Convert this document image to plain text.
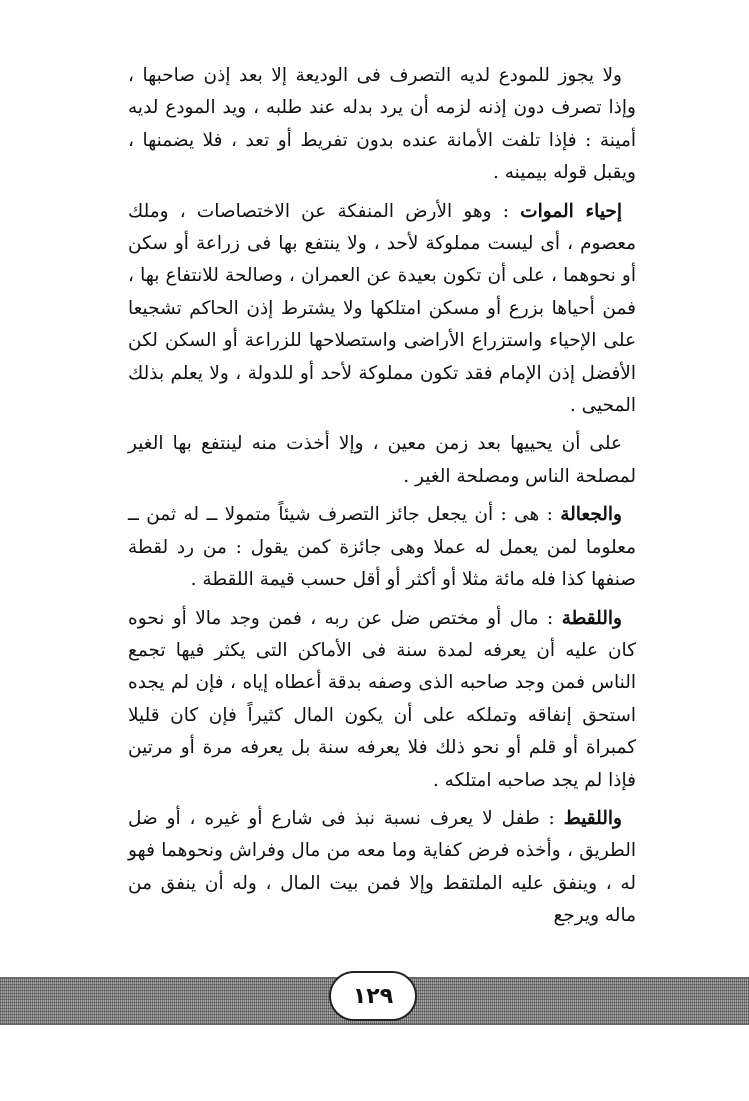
ولا يجوز للمودع لديه التصرف فى الوديعة إلا بعد إذن صاحبها ، وإذا تصرف دون إذنه لزمه أن يرد بدله عند طلبه ، ويد المودع لديه أمينة : فإذا تلفت الأمانة عنده بدون تفريط أو تعد ، فلا يضمنها ، ويقبل قوله بيمينه .

إحياء الموات : وهو الأرض المنفكة عن الاختصاصات ، وملك معصوم ، أى ليست مملوكة لأحد ، ولا ينتفع بها فى زراعة أو سكن أو نحوهما ، على أن تكون بعيدة عن العمران ، وصالحة للانتفاع بها ، فمن أحياها بزرع أو مسكن امتلكها ولا يشترط إذن الحاكم تشجيعا على الإحياء واستزراع الأراضى واستصلاحها للزراعة أو السكن لكن الأفضل إذن الإمام فقد تكون مملوكة لأحد أو للدولة ، ولا يعلم بذلك المحيى .

على أن يحييها بعد زمن معين ، وإلا أخذت منه لينتفع بها الغير لمصلحة الناس ومصلحة الغير .

والجعالة : هى : أن يجعل جائز التصرف شيئاً متمولا ــ له ثمن ــ معلوما لمن يعمل له عملا وهى جائزة كمن يقول : من رد لقطة صنفها كذا فله مائة مثلا أو أكثر أو أقل حسب قيمة اللقطة .

واللقطة : مال أو مختص ضل عن ربه ، فمن وجد مالا أو نحوه كان عليه أن يعرفه لمدة سنة فى الأماكن التى يكثر فيها تجمع الناس فمن وجد صاحبه الذى وصفه بدقة أعطاه إياه ، فإن لم يجده استحق إنفاقه وتملكه على أن يكون المال كثيراً فإن كان قليلا كمبراة أو قلم أو نحو ذلك فلا يعرفه سنة بل يعرفه مرة أو مرتين فإذا لم يجد صاحبه امتلكه .

واللقيط : طفل لا يعرف نسبة نبذ فى شارع أو غيره ، أو ضل الطريق ، وأخذه فرض كفاية وما معه من مال وفراش ونحوهما فهو له ، وينفق عليه الملتقط وإلا فمن بيت المال ، وله أن ينفق من ماله ويرجع

١٢٩
